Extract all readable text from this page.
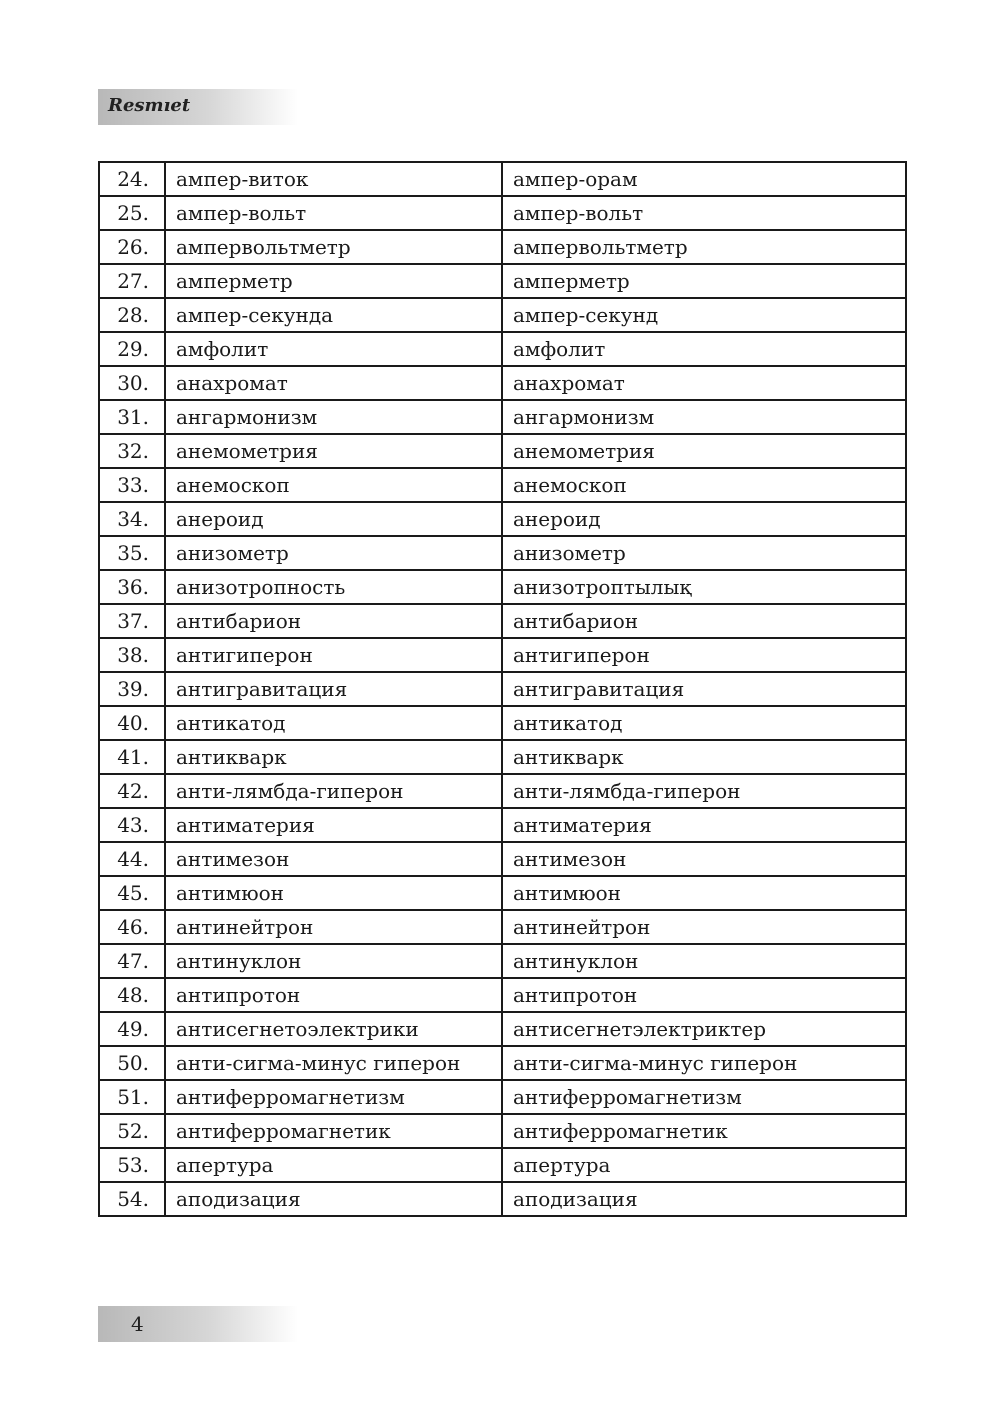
Resmıet
24.	ампер-виток	ампер-орам
25.	ампер-вольт	ампер-вольт
26.	ампервольтметр	ампервольтметр
27.	амперметр	амперметр
28.	ампер-секунда	ампер-секунд
29.	амфолит	амфолит
30.	анахромат	анахромат
31.	ангармонизм	ангармонизм
32.	анемометрия	анемометрия
33.	анемоскоп	анемоскоп
34.	анероид	анероид
35.	анизометр	анизометр
36.	анизотропность	анизотроптылық
37.	антибарион	антибарион
38.	антигиперон	антигиперон
39.	антигравитация	антигравитация
40.	антикатод	антикатод
41.	антикварк	антикварк
42.	анти-лямбда-гиперон	анти-лямбда-гиперон
43.	антиматерия	антиматерия
44.	антимезон	антимезон
45.	антимюон	антимюон
46.	антинейтрон	антинейтрон
47.	антинуклон	антинуклон
48.	антипротон	антипротон
49.	антисегнетоэлектрики	антисегнетэлектриктер
50.	анти-сигма-минус гиперон	анти-сигма-минус гиперон
51.	антиферромагнетизм	антиферромагнетизм
52.	антиферромагнетик	антиферромагнетик
53.	апертура	апертура
54.	аподизация	аподизация
4
